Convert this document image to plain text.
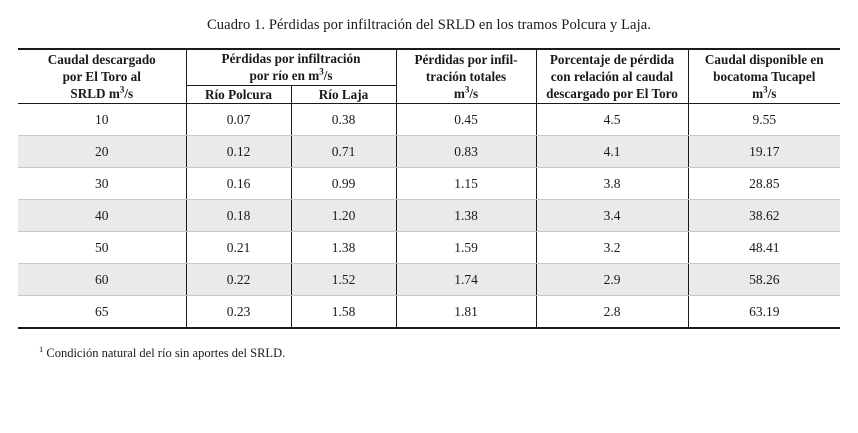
Cuadro 1. Pérdidas por infiltración del SRLD en los tramos Polcura y Laja.
Caudal descargado
por El Toro al
SRLD $m^3/s$

Pérdidas por infiltración
por río en $m^3/s$

Pérdidas por infil-
tración totales
$m^3/s$

Porcentaje de pérdida
con relación al caudal
descargado por El Toro

Caudal disponible en
bocatoma Tucapel
$m^3/s$

	Río Polcura	Río Laja			
10	0.07	0.38	0.45	4.5	9.55
20	0.12	0.71	0.83	4.1	19.17
30	0.16	0.99	1.15	3.8	28.85
40	0.18	1.20	1.38	3.4	38.62
50	0.21	1.38	1.59	3.2	48.41
60	0.22	1.52	1.74	2.9	58.26
65	0.23	1.58	1.81	2.8	63.19
$^1$ Condición natural del río sin aportes del SRLD.
